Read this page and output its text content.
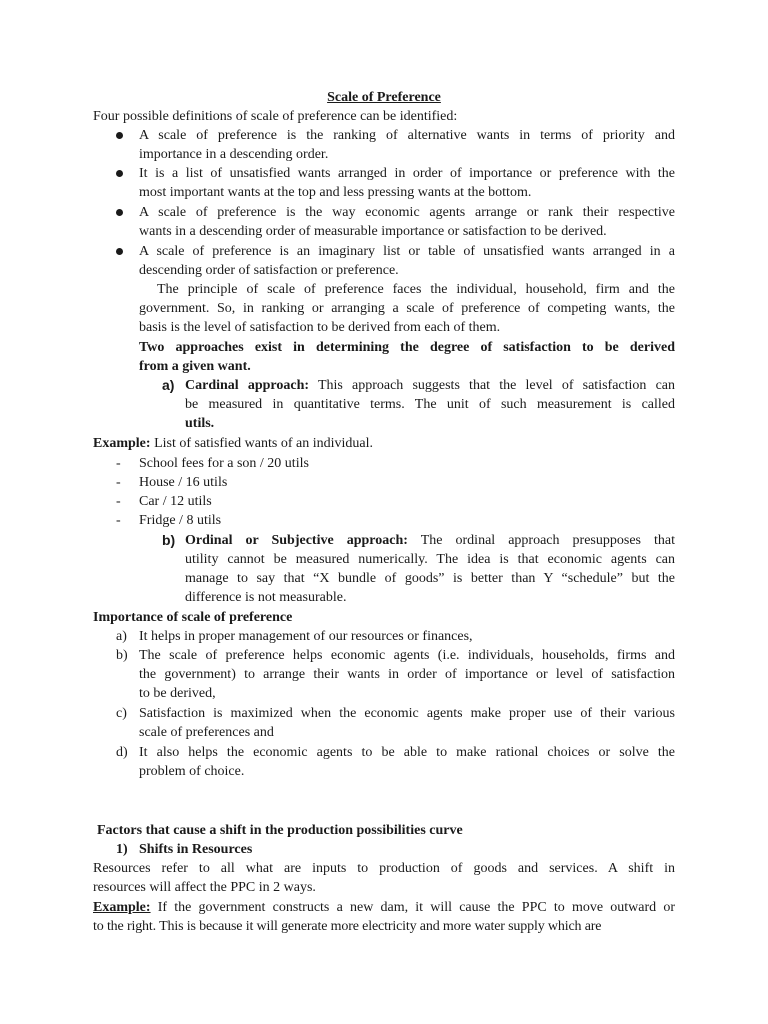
Scale of Preference
Four possible definitions of scale of preference can be identified:
A scale of preference is the ranking of alternative wants in terms of priority and
importance in a descending order.
It is a list of unsatisfied wants arranged in order of importance or preference with the
most important wants at the top and less pressing wants at the bottom.
A scale of preference is the way economic agents arrange or rank their respective
wants in a descending order of measurable importance or satisfaction to be derived.
A scale of preference is an imaginary list or table of unsatisfied wants arranged in a
descending order of satisfaction or preference.
The principle of scale of preference faces the individual, household, firm and the
government. So, in ranking or arranging a scale of preference of competing wants, the
basis is the level of satisfaction to be derived from each of them.
Two approaches exist in determining the degree of satisfaction to be derived
from a given want.
a) Cardinal approach: This approach suggests that the level of satisfaction can
be measured in quantitative terms. The unit of such measurement is called
utils.
Example: List of satisfied wants of an individual.
- School fees for a son / 20 utils
- House / 16 utils
- Car / 12 utils
- Fridge / 8 utils
b) Ordinal or Subjective approach: The ordinal approach presupposes that
utility cannot be measured numerically. The idea is that economic agents can
manage to say that “X bundle of goods” is better than Y “schedule” but the
difference is not measurable.
Importance of scale of preference
a) It helps in proper management of our resources or finances,
b) The scale of preference helps economic agents (i.e. individuals, households, firms and
the government) to arrange their wants in order of importance or level of satisfaction
to be derived,
c) Satisfaction is maximized when the economic agents make proper use of their various
scale of preferences and
d) It also helps the economic agents to be able to make rational choices or solve the
problem of choice.
Factors that cause a shift in the production possibilities curve
1) Shifts in Resources
Resources refer to all what are inputs to production of goods and services. A shift in
resources will affect the PPC in 2 ways.
Example: If the government constructs a new dam, it will cause the PPC to move outward or
to the right. This is because it will generate more electricity and more water supply which are
